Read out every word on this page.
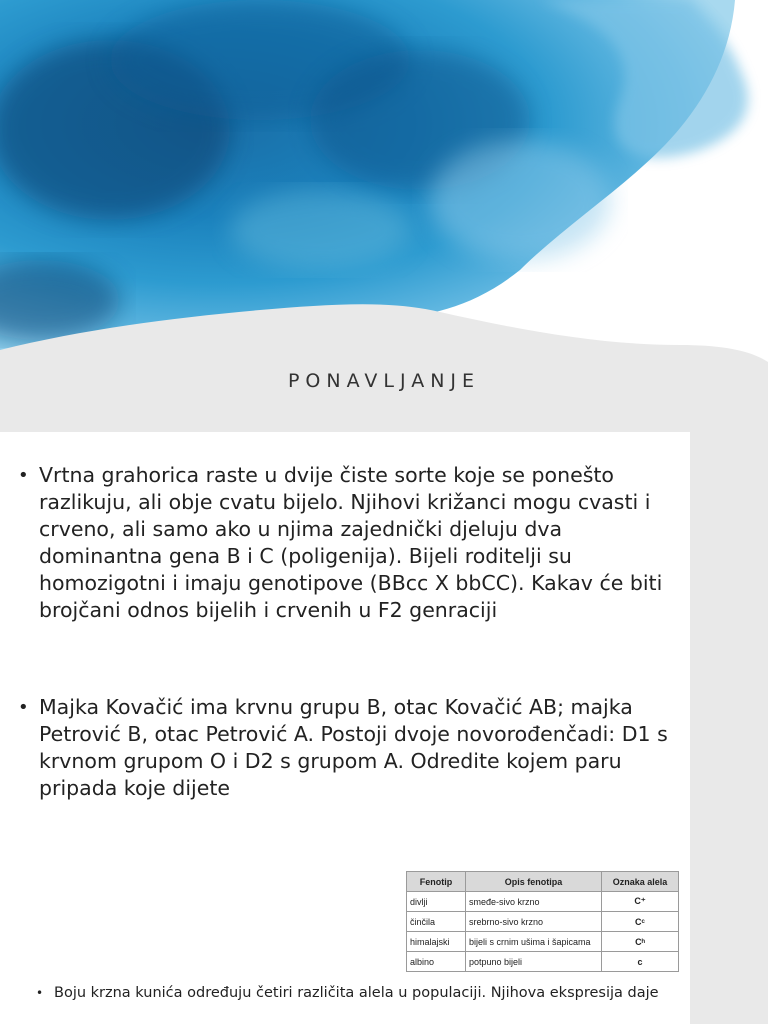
PONAVLJANJE
• Vrtna grahorica raste u dvije čiste sorte koje se ponešto razlikuju, ali obje cvatu bijelo. Njihovi križanci mogu cvasti i crveno, ali samo ako u njima zajednički djeluju dva dominantna gena B i C (poligenija). Bijeli roditelji su homozigotni i imaju genotipove (BBcc X bbCC). Kakav će biti brojčani odnos bijelih i crvenih u F2 genraciji
• Majka Kovačić ima krvnu grupu B, otac Kovačić AB; majka Petrović B, otac Petrović A. Postoji dvoje novorođenčadi: D1 s krvnom grupom O i D2 s grupom A. Odredite kojem paru pripada koje dijete
Fenotip	Opis fenotipa	Oznaka alela
divlji	smeđe-sivo krzno	C⁺
činčila	srebrno-sivo krzno	Cᶜ
himalajski	bijeli s crnim ušima i šapicama	Cʰ
albino	potpuno bijeli	c
• Boju krzna kunića određuju četiri različita alela u populaciji. Njihova ekspresija daje
